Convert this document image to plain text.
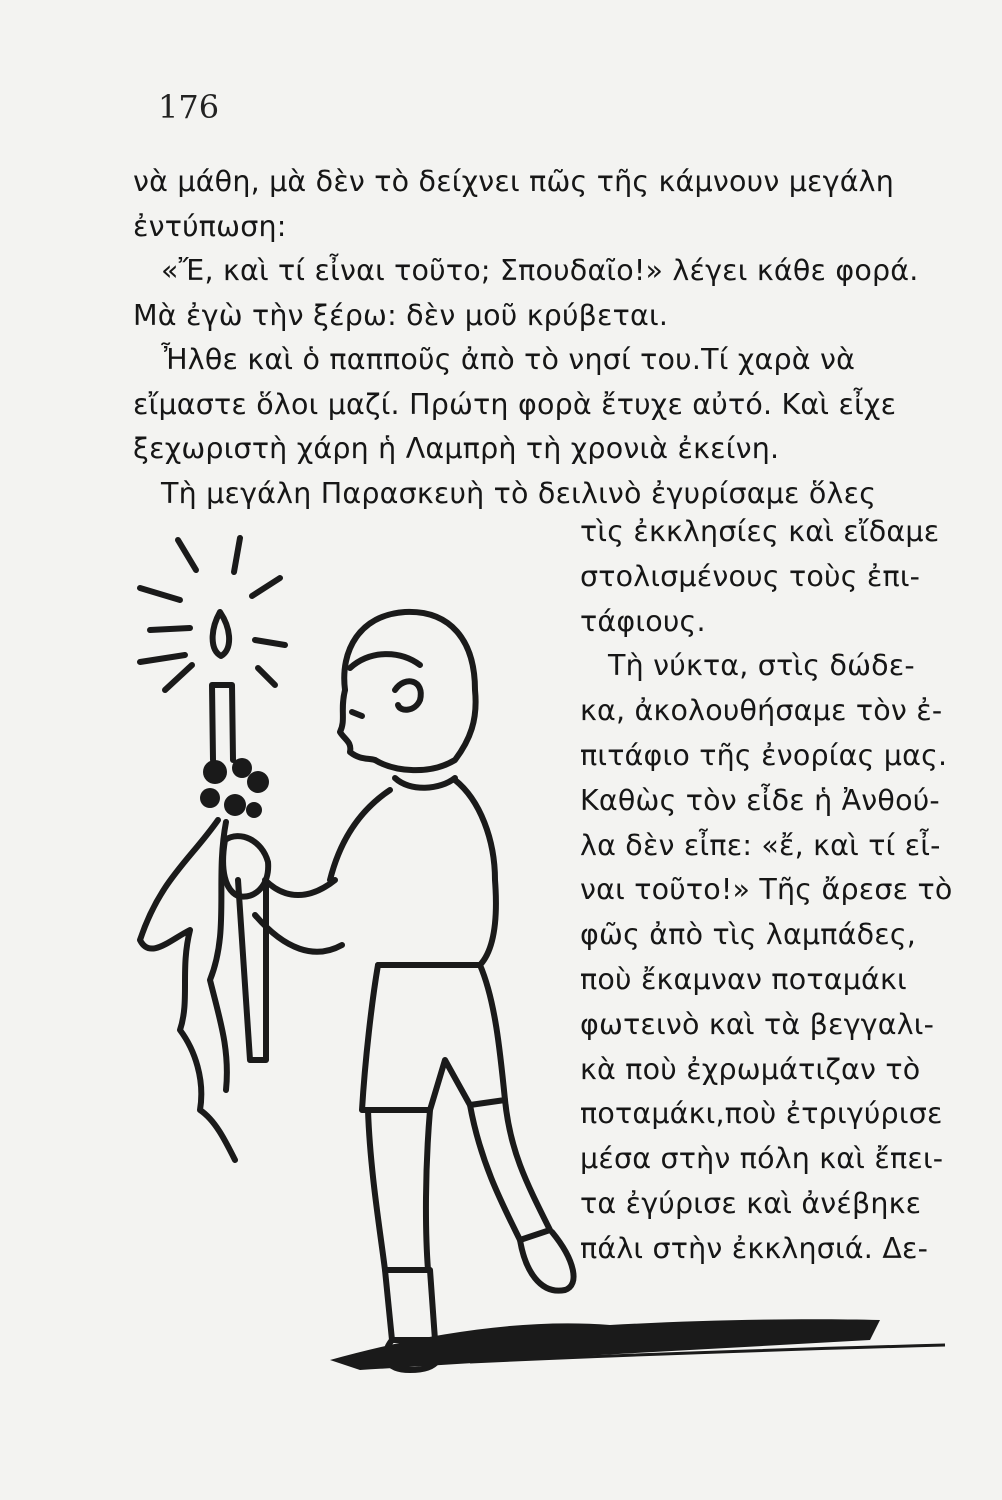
176
νὰ μάθη, μὰ δὲν τὸ δείχνει πῶς τῆς κάμνουν μεγάλη
ἐντύπωση:
«Ἔ, καὶ τί εἶναι τοῦτο; Σπουδαῖο!» λέγει κάθε φορά.
Μὰ ἐγὼ τὴν ξέρω: δὲν μοῦ κρύβεται.
Ἦλθε καὶ ὁ παπποῦς ἀπὸ τὸ νησί του.Τί χαρὰ νὰ
εἴμαστε ὅλοι μαζί. Πρώτη φορὰ ἔτυχε αὐτό. Καὶ εἶχε
ξεχωριστὴ χάρη ἡ Λαμπρὴ τὴ χρονιὰ ἐκείνη.
Τὴ μεγάλη Παρασκευὴ τὸ δειλινὸ ἐγυρίσαμε ὅλες
τὶς ἐκκλησίες καὶ εἴδαμε
στολισμένους τοὺς ἐπι-
τάφιους.
Τὴ νύκτα, στὶς δώδε-
κα, ἀκολουθήσαμε τὸν ἐ-
πιτάφιο τῆς ἐνορίας μας.
Καθὼς τὸν εἶδε ἡ Ἀνθού-
λα δὲν εἶπε: «ἔ, καὶ τί εἶ-
ναι τοῦτο!» Τῆς ἄρεσε τὸ
φῶς ἀπὸ τὶς λαμπάδες,
ποὺ ἔκαμναν ποταμάκι
φωτεινὸ καὶ τὰ βεγγαλι-
κὰ ποὺ ἐχρωμάτιζαν τὸ
ποταμάκι,ποὺ ἐτριγύρισε
μέσα στὴν πόλη καὶ ἔπει-
τα ἐγύρισε καὶ ἀνέβηκε
πάλι στὴν ἐκκλησιά. Δε-
